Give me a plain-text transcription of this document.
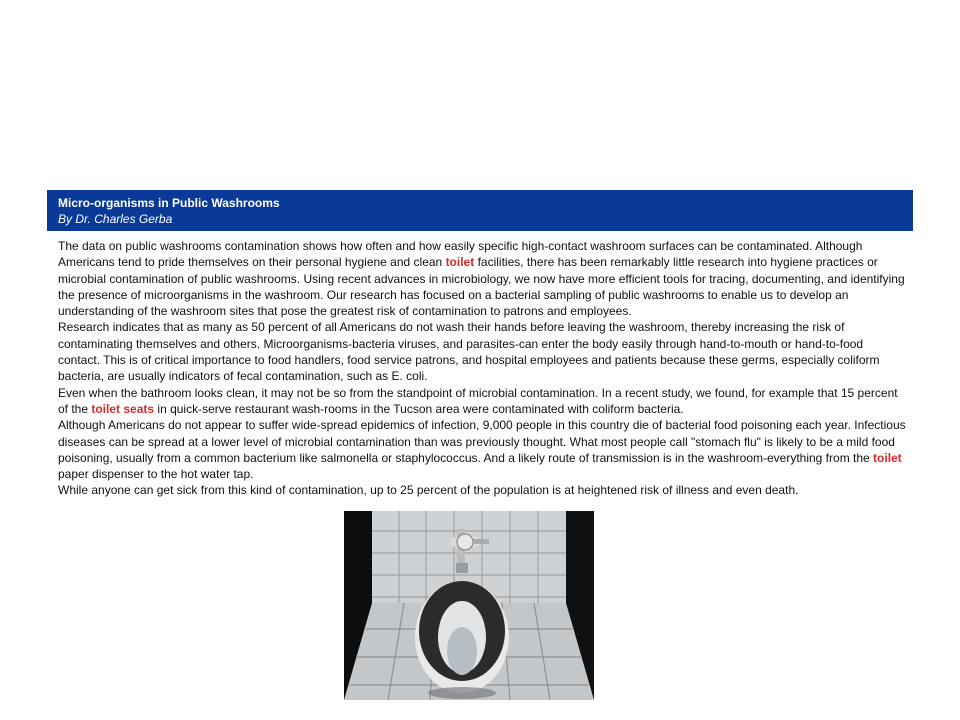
Micro-organisms in Public Washrooms
By Dr. Charles Gerba

The data on public washrooms contamination shows how often and how easily specific high-contact washroom surfaces can be contaminated. Although Americans tend to pride themselves on their personal hygiene and clean toilet facilities, there has been remarkably little research into hygiene practices or microbial contamination of public washrooms. Using recent advances in microbiology, we now have more efficient tools for tracing, documenting, and identifying the presence of microorganisms in the washroom. Our research has focused on a bacterial sampling of public washrooms to enable us to develop an understanding of the washroom sites that pose the greatest risk of contamination to patrons and employees.

Research indicates that as many as 50 percent of all Americans do not wash their hands before leaving the washroom, thereby increasing the risk of contaminating themselves and others. Microorganisms-bacteria viruses, and parasites-can enter the body easily through hand-to-mouth or hand-to-food contact. This is of critical importance to food handlers, food service patrons, and hospital employees and patients because these germs, especially coliform bacteria, are usually indicators of fecal contamination, such as E. coli.

Even when the bathroom looks clean, it may not be so from the standpoint of microbial contamination. In a recent study, we found, for example that 15 percent of the toilet seats in quick-serve restaurant wash-rooms in the Tucson area were contaminated with coliform bacteria.

Although Americans do not appear to suffer wide-spread epidemics of infection, 9,000 people in this country die of bacterial food poisoning each year. Infectious diseases can be spread at a lower level of microbial contamination than was previously thought. What most people call "stomach flu" is likely to be a mild food poisoning, usually from a common bacterium like salmonella or staphylococcus. And a likely route of transmission is in the washroom-everything from the toilet paper dispenser to the hot water tap.

While anyone can get sick from this kind of contamination, up to 25 percent of the population is at heightened risk of illness and even death.
